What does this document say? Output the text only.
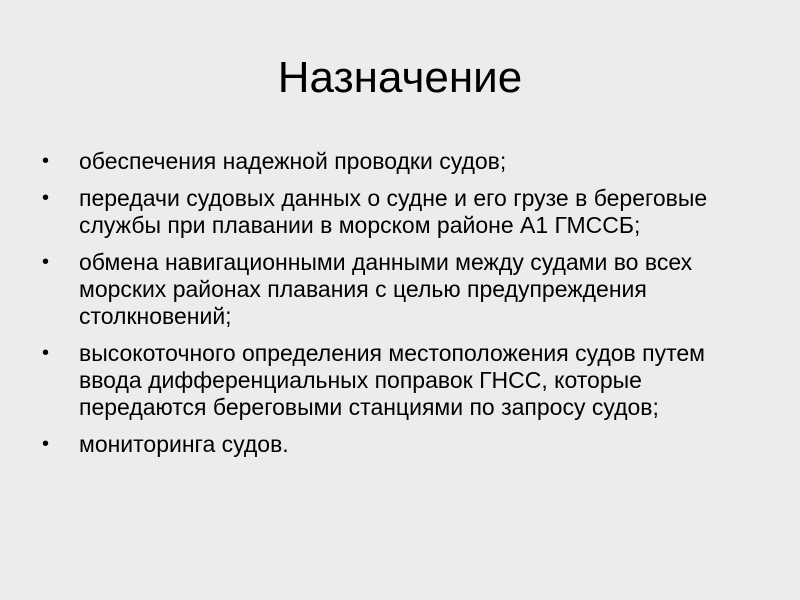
Назначение
• обеспечения надежной проводки судов;
• передачи судовых данных о судне и его грузе в береговые службы при плавании в морском районе А1 ГМССБ;
• обмена навигационными данными между судами во всех морских районах плавания с целью предупреждения столкновений;
• высокоточного определения местоположения судов путем ввода дифференциальных поправок ГНСС, которые передаются береговыми станциями по запросу судов;
• мониторинга судов.
